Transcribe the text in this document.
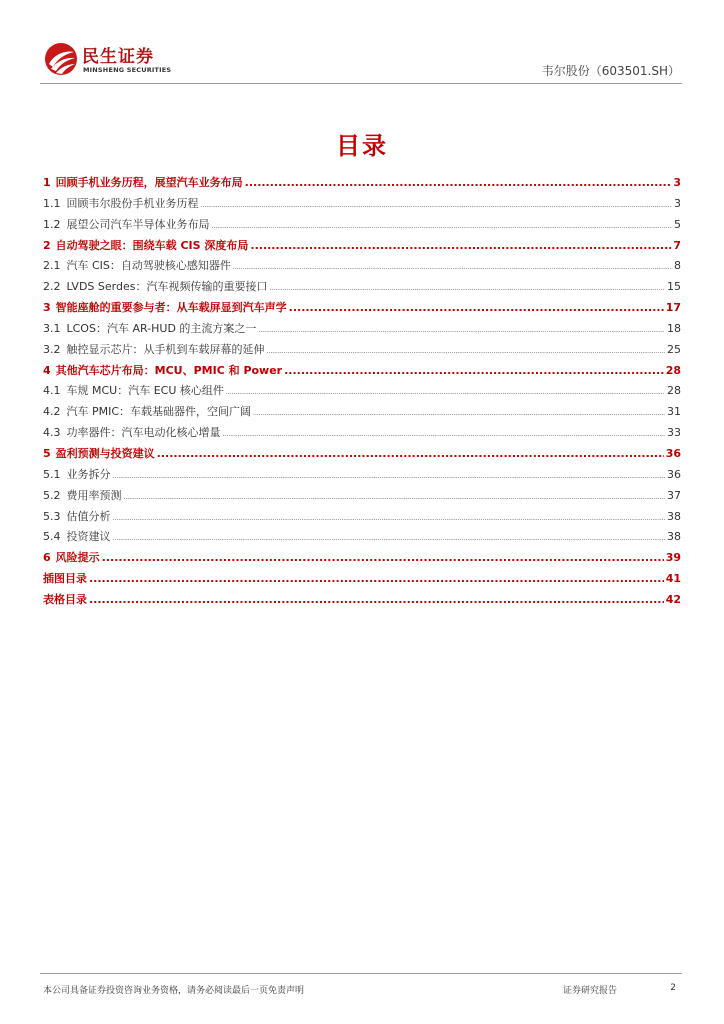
民生证券
MINSHENG SECURITIES	韦尔股份（603501.SH）
目录
1 回顾手机业务历程，展望汽车业务布局 .....	3
1.1 回顾韦尔股份手机业务历程 .....	3
1.2 展望公司汽车半导体业务布局 .....	5
2 自动驾驶之眼：围绕车载 CIS 深度布局 .....	7
2.1 汽车 CIS：自动驾驶核心感知器件 .....	8
2.2 LVDS Serdes：汽车视频传输的重要接口 .....	15
3 智能座舱的重要参与者：从车载屏显到汽车声学 .....	17
3.1 LCOS：汽车 AR-HUD 的主流方案之一 .....	18
3.2 触控显示芯片：从手机到车载屏幕的延伸 .....	25
4 其他汽车芯片布局：MCU、PMIC 和 Power .....	28
4.1 车规 MCU：汽车 ECU 核心组件 .....	28
4.2 汽车 PMIC：车载基础器件，空间广阔 .....	31
4.3 功率器件：汽车电动化核心增量 .....	33
5 盈利预测与投资建议 .....	36
5.1 业务拆分 .....	36
5.2 费用率预测 .....	37
5.3 估值分析 .....	38
5.4 投资建议 .....	38
6 风险提示 .....	39
插图目录 .....	41
表格目录 .....	42
本公司具备证券投资咨询业务资格，请务必阅读最后一页免责声明	证券研究报告	2
